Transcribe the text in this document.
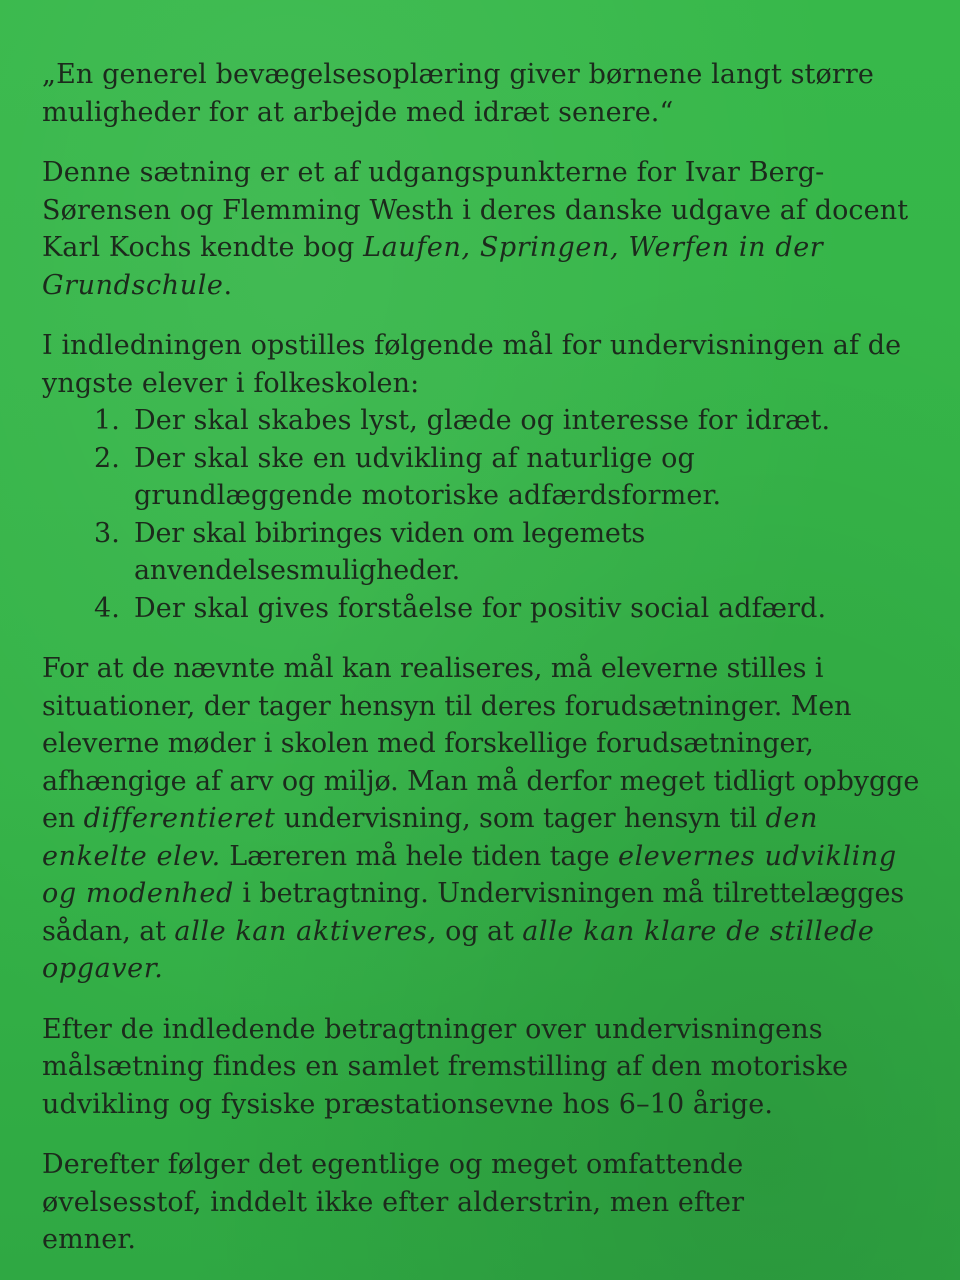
„En generel bevægelsesoplæring giver børnene langt større
muligheder for at arbejde med idræt senere.“

Denne sætning er et af udgangspunkterne for Ivar Berg-Sørensen og Flemming Westh i deres danske udgave af docent Karl Kochs kendte bog Laufen, Springen, Werfen in der Grundschule.

I indledningen opstilles følgende mål for undervisningen af de yngste elever i folkeskolen:

1. Der skal skabes lyst, glæde og interesse for idræt.
2. Der skal ske en udvikling af naturlige og grundlæggende motoriske adfærdsformer.
3. Der skal bibringes viden om legemets anvendelsesmuligheder.
4. Der skal gives forståelse for positiv social adfærd.

For at de nævnte mål kan realiseres, må eleverne stilles i situationer, der tager hensyn til deres forudsætninger. Men eleverne møder i skolen med forskellige forudsætninger, afhængige af arv og miljø. Man må derfor meget tidligt opbygge en differentieret undervisning, som tager hensyn til den enkelte elev. Læreren må hele tiden tage elevernes udvikling og modenhed i betragtning. Undervisningen må tilrettelægges sådan, at alle kan aktiveres, og at alle kan klare de stillede opgaver.

Efter de indledende betragtninger over undervisningens målsætning findes en samlet fremstilling af den motoriske udvikling og fysiske præstationsevne hos 6–10 årige.

Derefter følger det egentlige og meget omfattende øvelsesstof, inddelt ikke efter alderstrin, men efter emner.
